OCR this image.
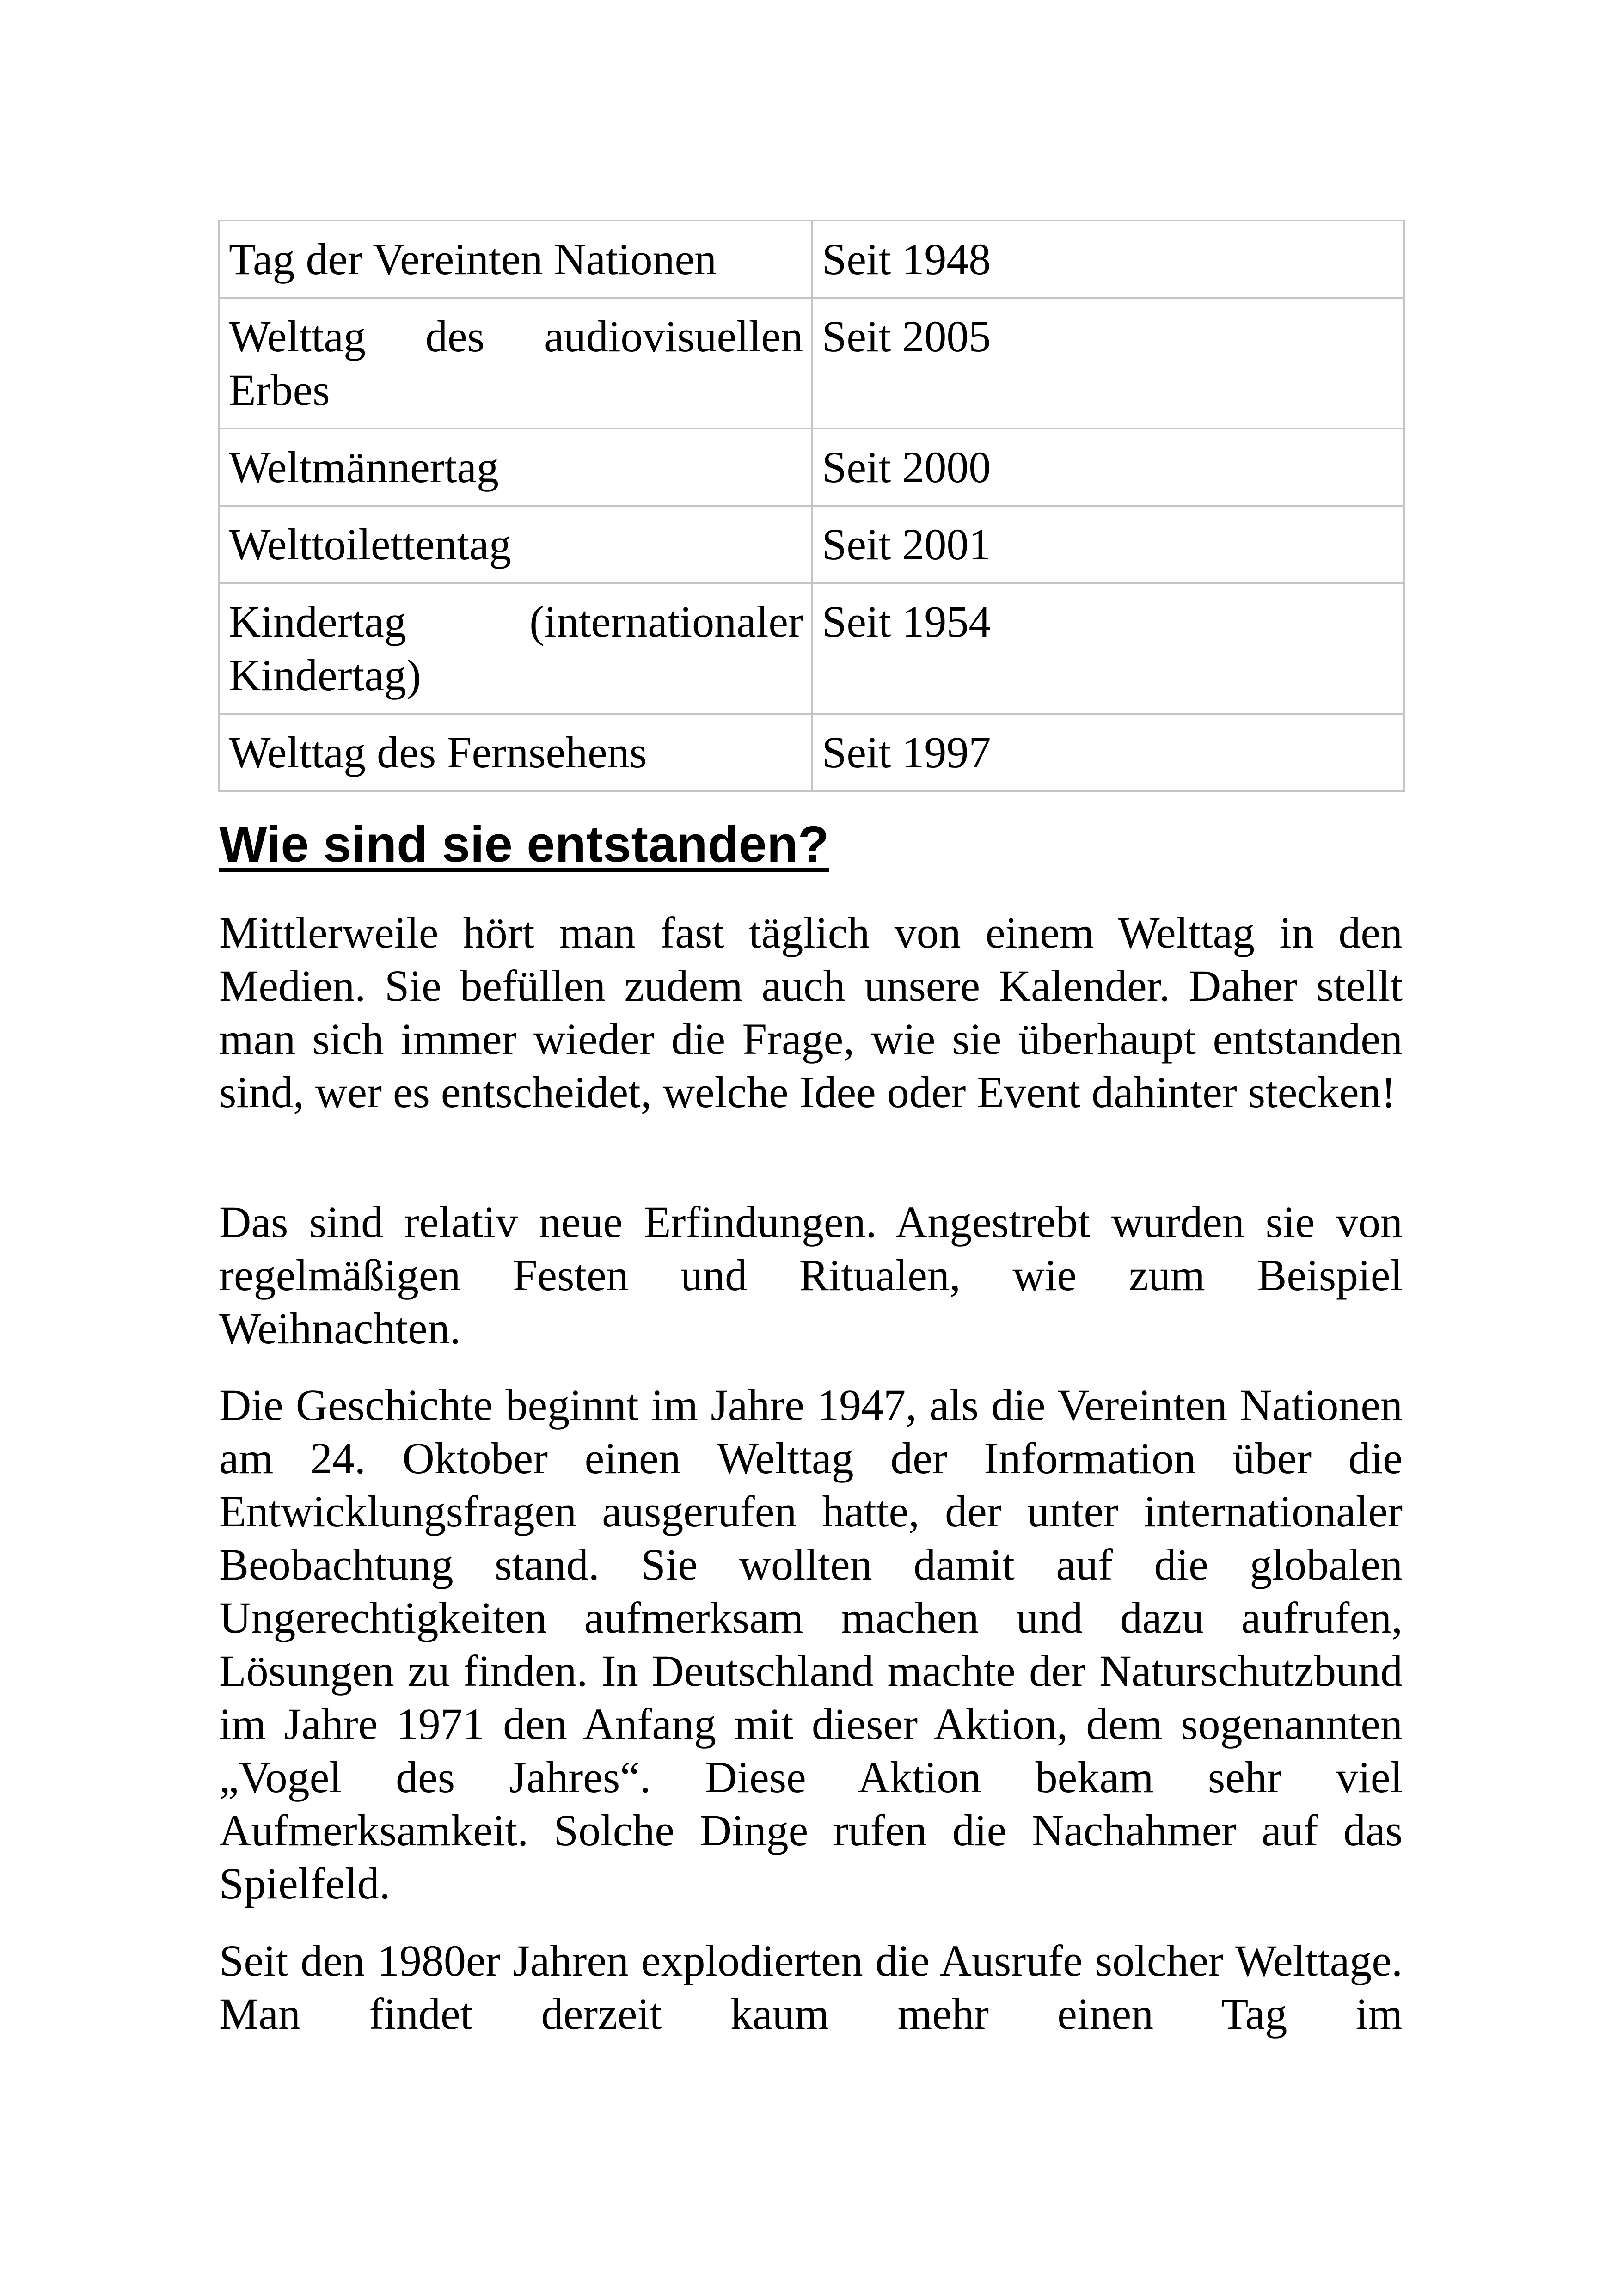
Tag der Vereinten Nationen	Seit 1948
Welttag des audiovisuellen Erbes	Seit 2005
Weltmännertag	Seit 2000
Welttoilettentag	Seit 2001
Kindertag (internationaler Kindertag)	Seit 1954
Welttag des Fernsehens	Seit 1997
Wie sind sie entstanden?

Mittlerweile hört man fast täglich von einem Welttag in den Medien. Sie befüllen zudem auch unsere Kalender. Daher stellt man sich immer wieder die Frage, wie sie überhaupt entstanden sind, wer es entscheidet, welche Idee oder Event dahinter stecken!

Das sind relativ neue Erfindungen. Angestrebt wurden sie von regelmäßigen Festen und Ritualen, wie zum Beispiel Weihnachten.

Die Geschichte beginnt im Jahre 1947, als die Vereinten Nationen am 24. Oktober einen Welttag der Information über die Entwicklungsfragen ausgerufen hatte, der unter internationaler Beobachtung stand. Sie wollten damit auf die globalen Ungerechtigkeiten aufmerksam machen und dazu aufrufen, Lösungen zu finden. In Deutschland machte der Naturschutzbund im Jahre 1971 den Anfang mit dieser Aktion, dem sogenannten „Vogel des Jahres“. Diese Aktion bekam sehr viel Aufmerksamkeit. Solche Dinge rufen die Nachahmer auf das Spielfeld.

Seit den 1980er Jahren explodierten die Ausrufe solcher Welttage. Man findet derzeit kaum mehr einen Tag im
